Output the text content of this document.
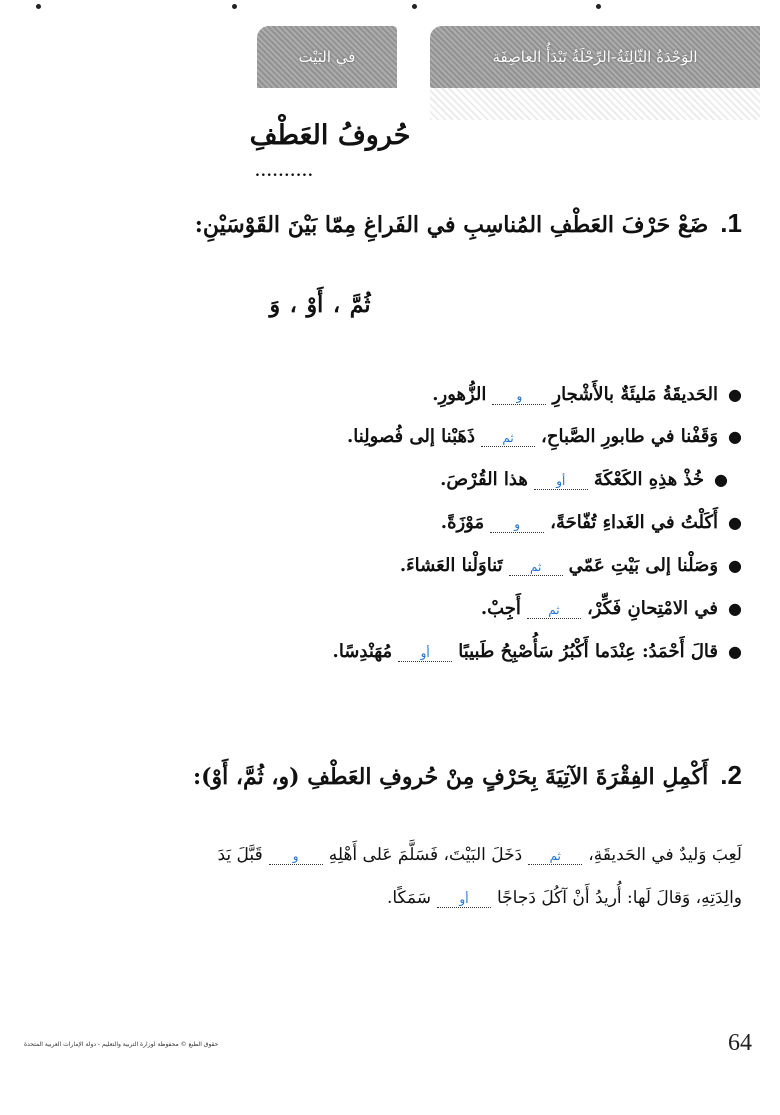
الوَحْدَةُ الثّالِثَةُ-الرِّحْلَةُ تَبْدَأُ العاصِفَة
في البَيْت
حُروفُ العَطْفِ
..........
1.
ضَعْ حَرْفَ العَطْفِ المُناسِبِ في الفَراغِ مِمّا بَيْنَ القَوْسَيْنِ:
ثُمَّ ، أَوْ ، وَ
●
الحَديقَةُ مَليئَةٌ بالأَشْجارِ
و
الزُّهورِ.
●
وَقَفْنا في طابورِ الصَّباحِ،
ثم
ذَهَبْنا إلى فُصولِنا.
●
خُذْ هذِهِ الكَعْكَةَ
أو
هذا القُرْصَ.
●
أَكَلْتُ في الغَداءِ تُفّاحَةً،
و
مَوْزَةً.
●
وَصَلْنا إلى بَيْتِ عَمّي
ثم
تَناوَلْنا العَشاءَ.
●
في الامْتِحانِ فَكِّرْ،
ثم
أَجِبْ.
●
قالَ أَحْمَدُ: عِنْدَما أَكْبُرُ سَأُصْبِحُ طَبيبًا
أو
مُهَنْدِسًا.
2.
أَكْمِلِ الفِقْرَةَ الآتِيَةَ بِحَرْفٍ مِنْ حُروفِ العَطْفِ (و، ثُمَّ، أَوْ):
لَعِبَ وَليدٌ في الحَديقَةِ،
ثم
دَخَلَ البَيْتَ، فَسَلَّمَ عَلى أَهْلِهِ
و
قَبَّلَ يَدَ
والِدَتِهِ، وَقالَ لَها: أُريدُ أَنْ آكُلَ دَجاجًا
أو
سَمَكًا.
حقوق الطبع © محفوظة لوزارة التربية والتعليم - دولة الإمارات العربية المتحدة	64
